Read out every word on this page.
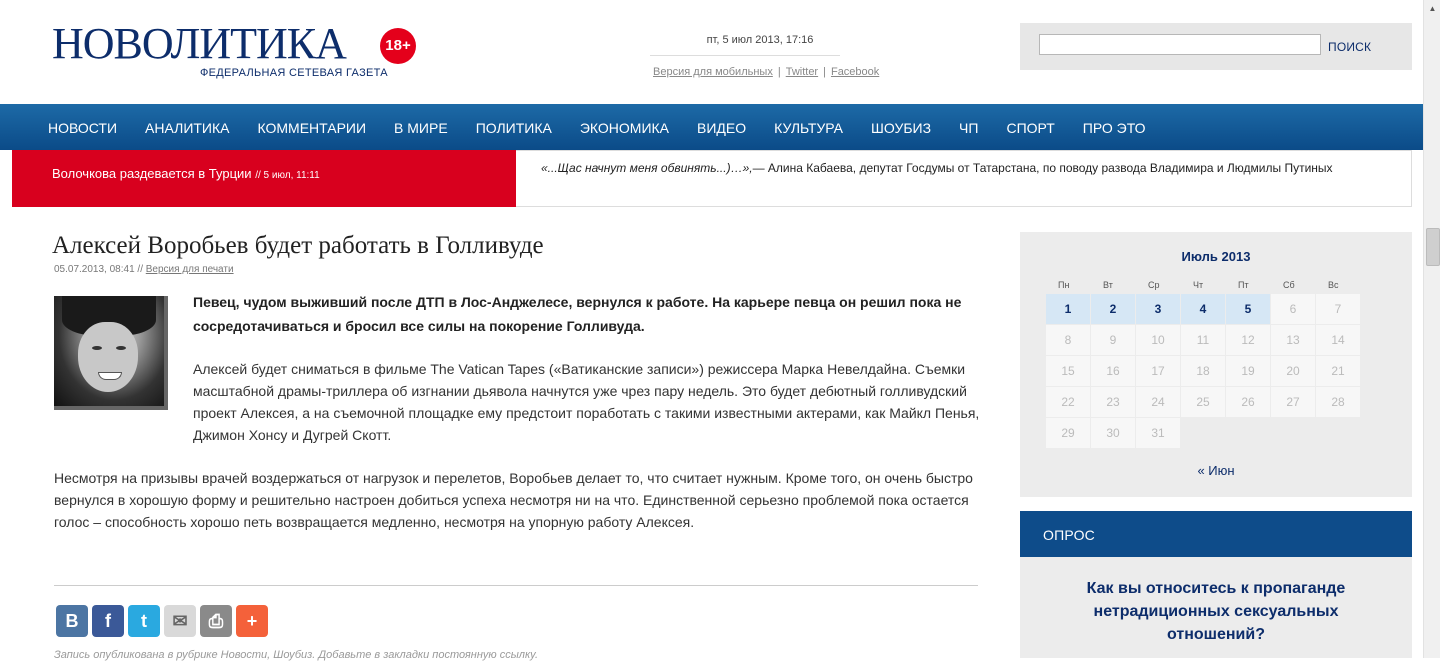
НОВОЛИТИКА	18+
ФЕДЕРАЛЬНАЯ СЕТЕВАЯ ГАЗЕТА
пт, 5 июл 2013, 17:16
Версия для мобильных | Twitter | Facebook
ПОИСК
▲
НОВОСТИ	АНАЛИТИКА	КОММЕНТАРИИ	В МИРЕ	ПОЛИТИКА	ЭКОНОМИКА	ВИДЕО	КУЛЬТУРА	ШОУБИЗ	ЧП	СПОРТ	ПРО ЭТО
Волочкова раздевается в Турции // 5 июл, 11:11
«...Щас начнут меня обвинять...)…»,— Алина Кабаева, депутат Госдумы от Татарстана, по поводу развода Владимира и Людмилы Путиных
Алексей Воробьев будет работать в Голливуде
05.07.2013, 08:41 // Версия для печати
Певец, чудом выживший после ДТП в Лос-Анджелесе, вернулся к работе. На карьере певца он решил пока не сосредотачиваться и бросил все силы на покорение Голливуда.
Алексей будет сниматься в фильме The Vatican Tapes («Ватиканские записи») режиссера Марка Невелдайна. Съемки масштабной драмы-триллера об изгнании дьявола начнутся уже чрез пару недель. Это будет дебютный голливудский проект Алексея, а на съемочной площадке ему предстоит поработать с такими известными актерами, как Майкл Пенья, Джимон Хонсу и Дугрей Скотт.
Несмотря на призывы врачей воздержаться от нагрузок и перелетов, Воробьев делает то, что считает нужным. Кроме того, он очень быстро вернулся в хорошую форму и решительно настроен добиться успеха несмотря ни на что. Единственной серьезно проблемой пока остается голос – способность хорошо петь возвращается медленно, несмотря на упорную работу Алексея.
B	f	t	✉	⎙	+
Запись опубликована в рубрике Новости, Шоубиз. Добавьте в закладки постоянную ссылку.
Июль 2013
Пн	Вт	Ср	Чт	Пт	Сб	Вс
1	2	3	4	5	6	7
8	9	10	11	12	13	14
15	16	17	18	19	20	21
22	23	24	25	26	27	28
29	30	31
« Июн
ОПРОС
Как вы относитесь к пропаганде нетрадиционных сексуальных отношений?
